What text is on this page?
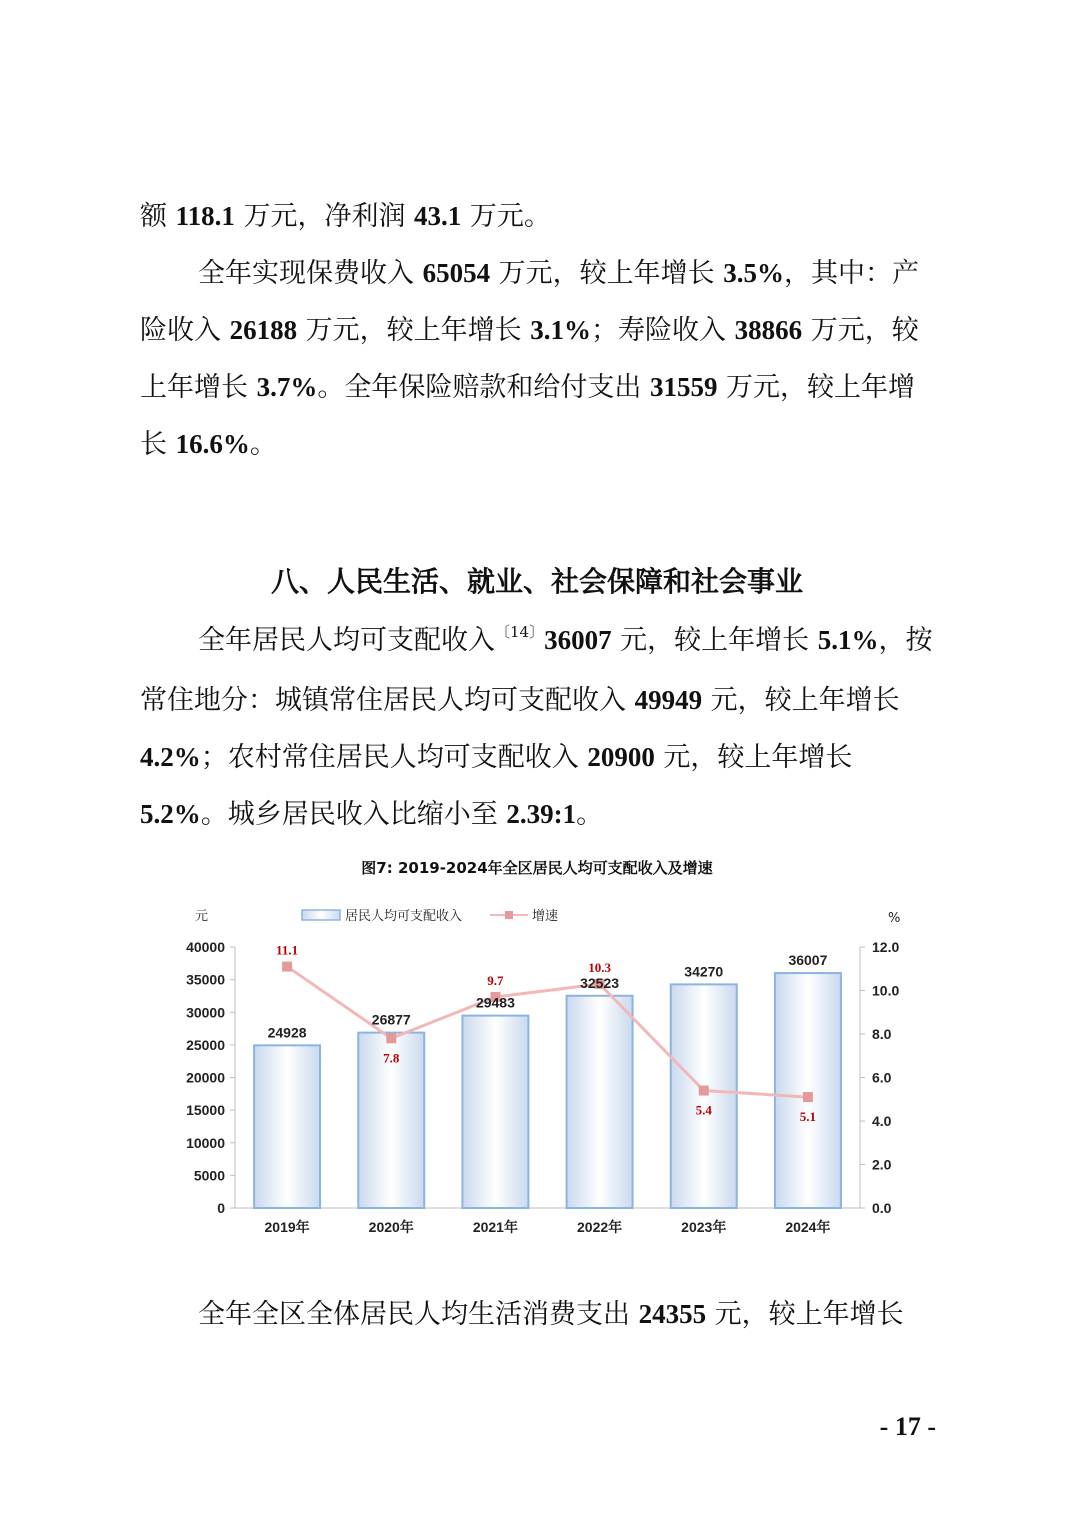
额 118.1 万元，净利润 43.1 万元。

全年实现保费收入 65054 万元，较上年增长 3.5%，其中：产险收入 26188 万元，较上年增长 3.1%；寿险收入 38866 万元，较上年增长 3.7%。全年保险赔款和给付支出 31559 万元，较上年增长 16.6%。

八、人民生活、就业、社会保障和社会事业

全年居民人均可支配收入$^{〔14〕}$36007 元，较上年增长 5.1%，按常住地分：城镇常住居民人均可支配收入 49949 元，较上年增长 4.2%；农村常住居民人均可支配收入 20900 元，较上年增长 5.2%。城乡居民收入比缩小至 2.39:1。

图7: 2019-2024年全区居民人均可支配收入及增速
居民人均可支配收入	增速
元	%
0
5000
10000
15000
20000
25000
30000
35000
40000
0.0
2.0
4.0
6.0
8.0
10.0
12.0
24928
2019年
26877
2020年
29483
2021年
32523
2022年
34270
2023年
36007
2024年
11.1
7.8
9.7
10.3
5.4	5.1

全年全区全体居民人均生活消费支出 24355 元，较上年增长

- 17 -
